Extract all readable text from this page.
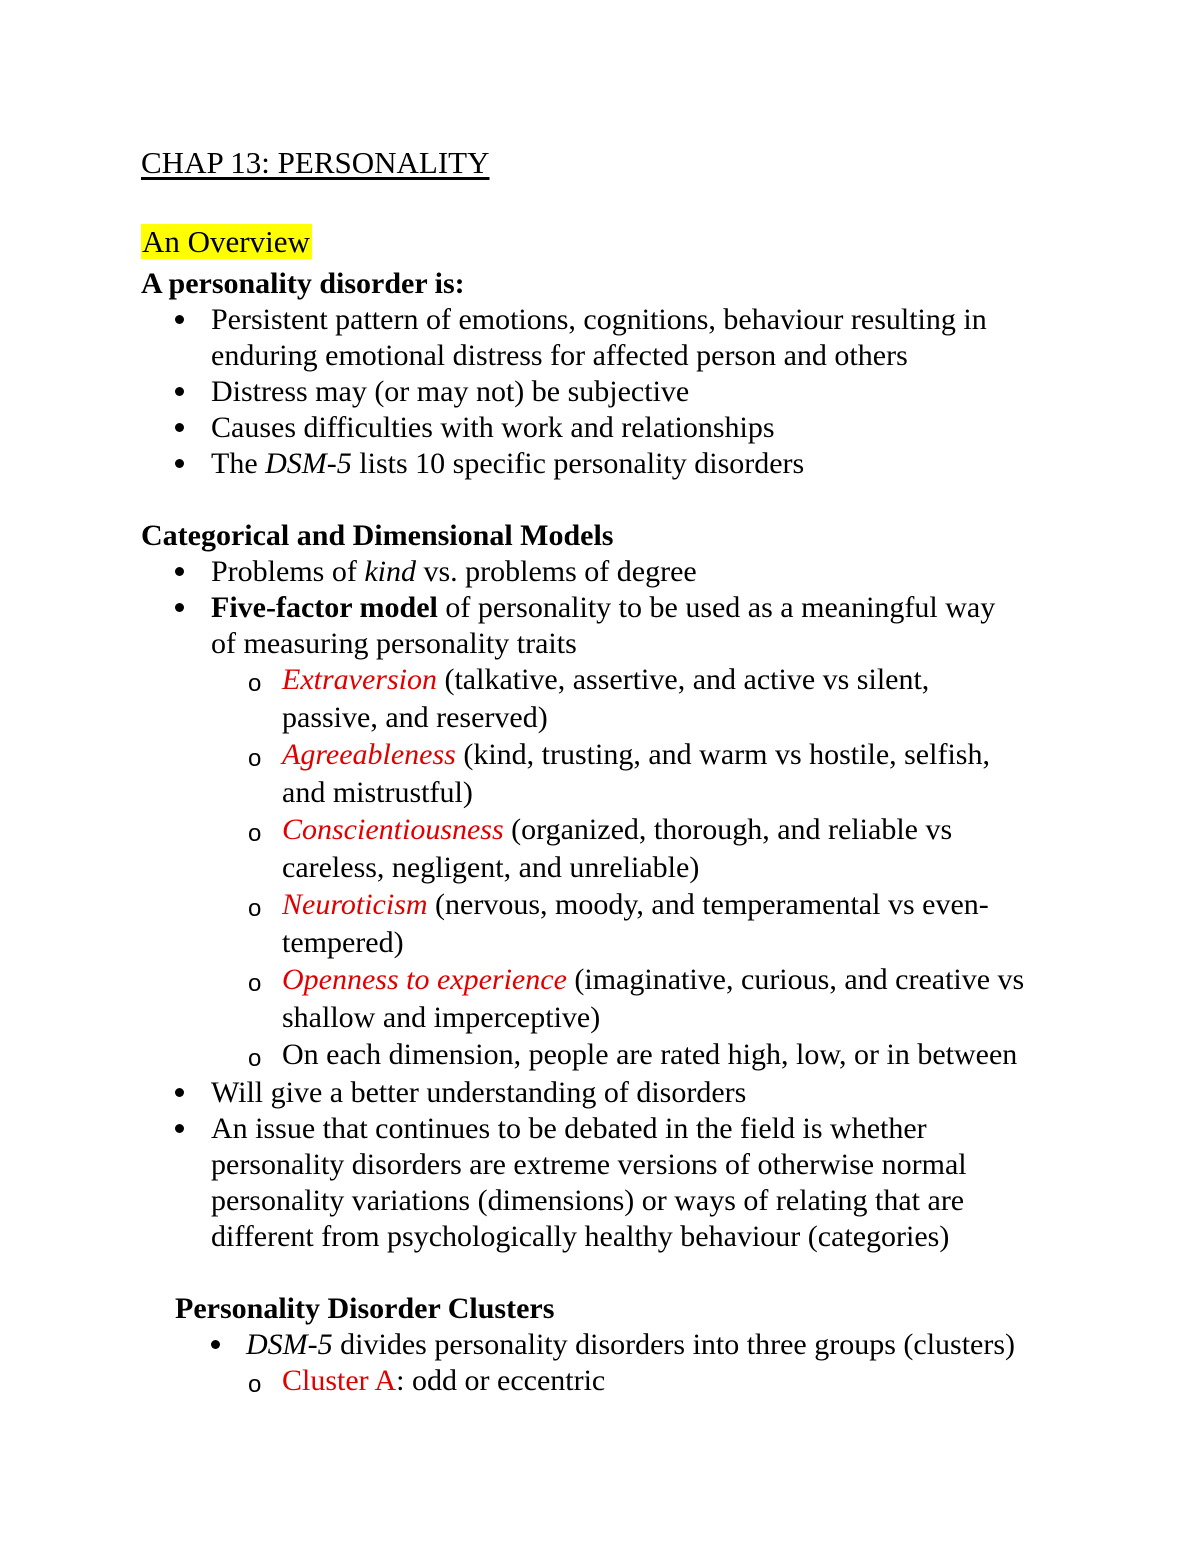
CHAP 13: PERSONALITY
An Overview
A personality disorder is:
Persistent pattern of emotions, cognitions, behaviour resulting in
enduring emotional distress for affected person and others
Distress may (or may not) be subjective
Causes difficulties with work and relationships
The DSM-5 lists 10 specific personality disorders
Categorical and Dimensional Models
Problems of kind vs. problems of degree
Five-factor model of personality to be used as a meaningful way
of measuring personality traits
o Extraversion (talkative, assertive, and active vs silent,
passive, and reserved)
o Agreeableness (kind, trusting, and warm vs hostile, selfish,
and mistrustful)
o Conscientiousness (organized, thorough, and reliable vs
careless, negligent, and unreliable)
o Neuroticism (nervous, moody, and temperamental vs even-
tempered)
o Openness to experience (imaginative, curious, and creative vs
shallow and imperceptive)
o On each dimension, people are rated high, low, or in between
Will give a better understanding of disorders
An issue that continues to be debated in the field is whether
personality disorders are extreme versions of otherwise normal
personality variations (dimensions) or ways of relating that are
different from psychologically healthy behaviour (categories)
Personality Disorder Clusters
DSM-5 divides personality disorders into three groups (clusters)
o Cluster A: odd or eccentric
